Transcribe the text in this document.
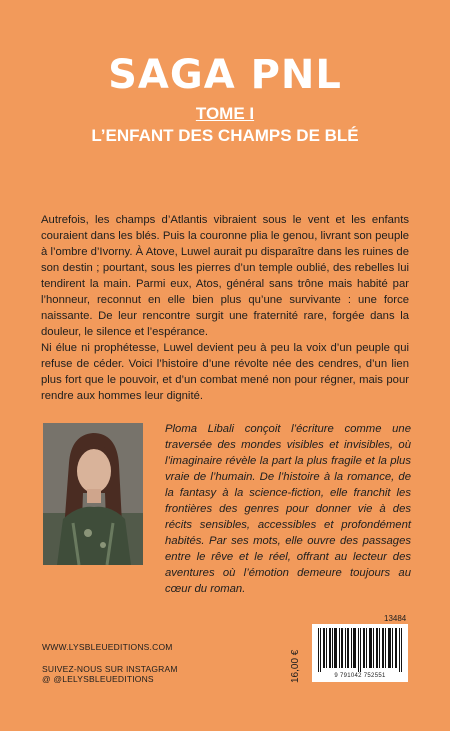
SAGA PNL
TOME I
L’ENFANT DES CHAMPS DE BLÉ

Autrefois, les champs d’Atlantis vibraient sous le vent et les enfants couraient dans les blés. Puis la couronne plia le genou, livrant son peuple à l’ombre d’Ivorny. À Atove, Luwel aurait pu disparaître dans les ruines de son destin ; pourtant, sous les pierres d’un temple oublié, des rebelles lui tendirent la main. Parmi eux, Atos, général sans trône mais habité par l’honneur, reconnut en elle bien plus qu’une survivante : une force naissante. De leur rencontre surgit une fraternité rare, forgée dans la douleur, le silence et l’espérance.

Ni élue ni prophétesse, Luwel devient peu à peu la voix d’un peuple qui refuse de céder. Voici l’histoire d’une révolte née des cendres, d’un lien plus fort que le pouvoir, et d’un combat mené non pour régner, mais pour rendre aux hommes leur dignité.

Ploma Libali conçoit l’écriture comme une traversée des mondes visibles et invisibles, où l’imaginaire révèle la part la plus fragile et la plus vraie de l’humain. De l’histoire à la romance, de la fantasy à la science-fiction, elle franchit les frontières des genres pour donner vie à des récits sensibles, accessibles et profondément habités. Par ses mots, elle ouvre des passages entre le rêve et le réel, offrant au lecteur des aventures où l’émotion demeure toujours au cœur du roman.
WWW.LYSBLEUEDITIONS.COM
SUIVEZ-NOUS SUR INSTAGRAM
@ @LELYSBLEUEDITIONS
13484
16,00 €	9 791042 752551
